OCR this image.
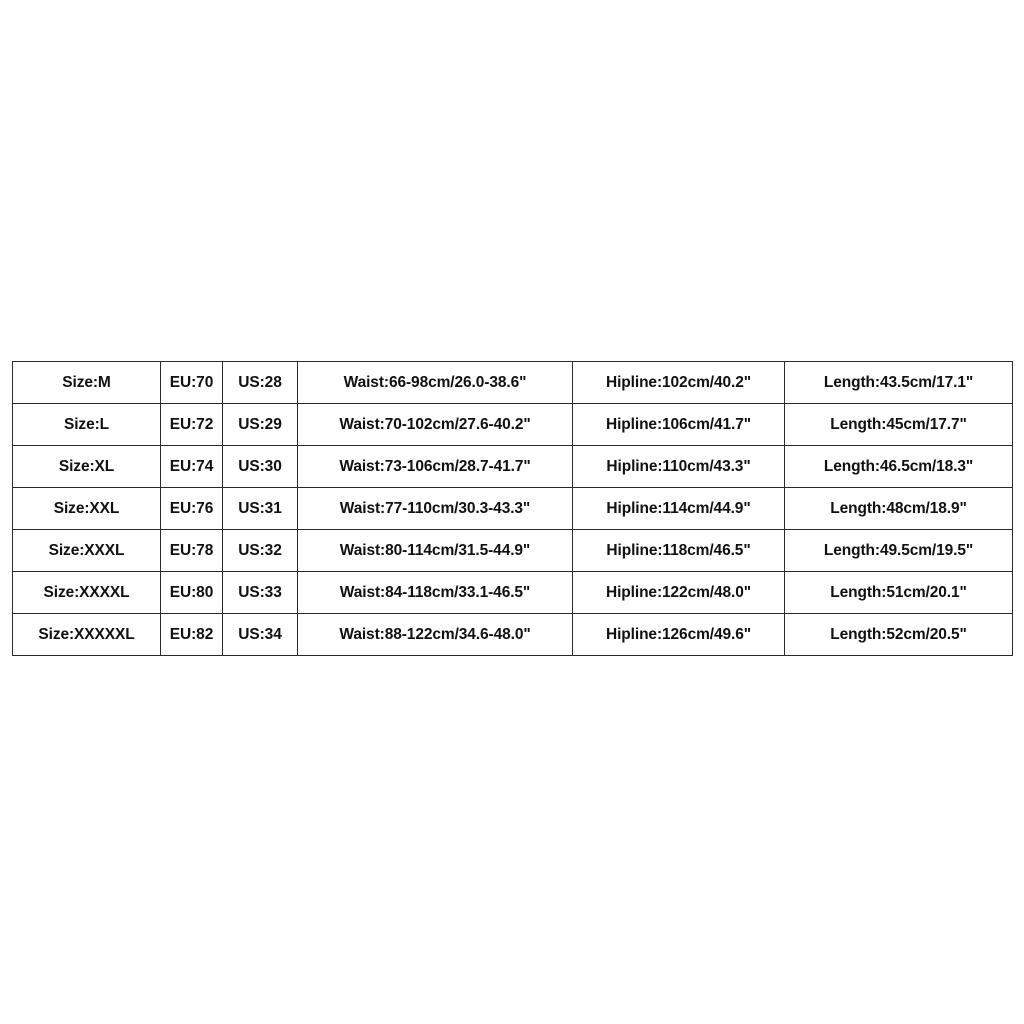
Size:M	EU:70	US:28	Waist:66-98cm/26.0-38.6"	Hipline:102cm/40.2"	Length:43.5cm/17.1"
Size:L	EU:72	US:29	Waist:70-102cm/27.6-40.2"	Hipline:106cm/41.7"	Length:45cm/17.7"
Size:XL	EU:74	US:30	Waist:73-106cm/28.7-41.7"	Hipline:110cm/43.3"	Length:46.5cm/18.3"
Size:XXL	EU:76	US:31	Waist:77-110cm/30.3-43.3"	Hipline:114cm/44.9"	Length:48cm/18.9"
Size:XXXL	EU:78	US:32	Waist:80-114cm/31.5-44.9"	Hipline:118cm/46.5"	Length:49.5cm/19.5"
Size:XXXXL	EU:80	US:33	Waist:84-118cm/33.1-46.5"	Hipline:122cm/48.0"	Length:51cm/20.1"
Size:XXXXXL	EU:82	US:34	Waist:88-122cm/34.6-48.0"	Hipline:126cm/49.6"	Length:52cm/20.5"
